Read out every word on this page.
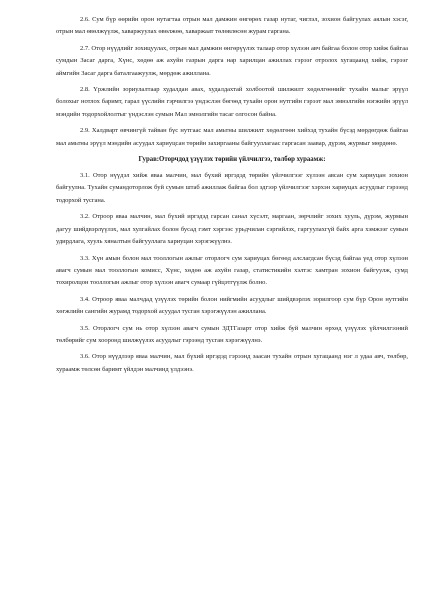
2.6. Сум бүр өөрийн орон нутагтаа отрын мал дамжин өнгөрөх газар нутаг, чиглэл, зохион байгуулах аялын хэсэг, отрын мал өвөлжүүлж, хаваржуулах өвөлжөө, хаваржаат төлөвлөсөн журам гаргана.

2.7. Отор нүүдлийг зохицуулах, отрын мал дамжин өнгөрүүлэх талаар отор хүлээн авч байгаа болон отор хийж байгаа сумдын Засаг дарга, Хүнс, хөдөө аж ахуйн газрын дарга нар харилцан ажиллах гэрээг отролох хугацаанд хийж, гэрээг аймгийн Засаг дарга баталгаажуулж, мөрдөж ажиллана.

2.8. Үржлийн зориулалтаар худалдан авах, худалдахтай холбоотой шилжилт хөдөлгөөнийг тухайн малыг эрүүл болохыг нотлох баримт, гарал үүслийн гэрчилгээ үндэслэн бөгөөд тухайн орон нутгийн гэрээт мал эмнэлгийн нэгжийн эрүүл мэндийн тодорхойлолтыг үндэслэн сумын Мал эмнэлгийн тасаг олгосон байна.

2.9. Халдварт өвчингүй тайван бүс нутгаас мал амьтны шилжилт хөдөлгөөн хийхэд тухайн бүсэд мөрдөгдөж байгаа мал амьтны эрүүл мэндийн асуудал хариуцсан төрийн захиргааны байгууллагаас гаргасан заавар, дүрэм, журмыг мөрдөнө.

Гурав:Оторчдод үзүүлэх төрийн үйлчилгээ, төлбөр хураамж:

3.1. Отор нүүдэл хийж яваа малчин, мал бүхий иргэдэд төрийн үйлчилгээг хүлээн авсан сум хариуцан зохион байгуулна. Тухайн сумандоторлож буй сумын штаб ажиллаж байгаа бол эдгээр үйлчилгээг хэрхэн хариуцах асуудлыг гэрээнд тодорхой тусгана.

3.2. Отроор яваа малчин, мал бүхий иргэдэд гарсан санал хүсэлт, маргаан, зөрчлийг зохих хууль, дүрэм, журмын дагуу шийдвэрлүүлэх, мал хулгайлах болон бусад гэмт хэргээс урьдчилан сэргийлэх, гаргуулахгүй байх арга хэмжээг сумын удирдлага, хууль хяналтын байгууллага хариуцан хэрэгжүүлнэ.

3.3. Хүн амын болон мал тооллогын ажлыг оторлогч сум хариуцах бөгөөд алслагдсан бүсэд байгаа үед отор хүлээн авагч сумын мал тооллогын комисс, Хүнс, хөдөө аж ахуйн газар, статистикийн хэлтэс хамтран зохион байгуулж, сумд тохиролцон тооллогын ажлыг отор хүлээн авагч сумаар гүйцэтгүүлж болно.

3.4. Отроор яваа малчдад үзүүлэх төрийн болон нийгмийн асуудлыг шийдвэрлэх зорилгоор сум бүр Орон нутгийн хөгжлийн сангийн журамд тодорхой асуудал тусган хэрэгжүүлэн ажиллана.

3.5. Оторлогч сум нь отор хүлээн авагч сумын ЗДТГазарт отор хийж буй малчин өрхөд үзүүлэх үйлчилгээний төлбөрийг сум хооронд шилжүүлэх асуудлыг гэрээнд тусган хэрэгжүүлнэ.

3.6. Отор нүүдлээр яваа малчин, мал бүхий иргэдэд гэрээнд заасан тухайн отрын хугацаанд нэг л удаа авч, төлбөр, хураамж төлсөн баримт үйлдэн малчинд үлдээнэ.
